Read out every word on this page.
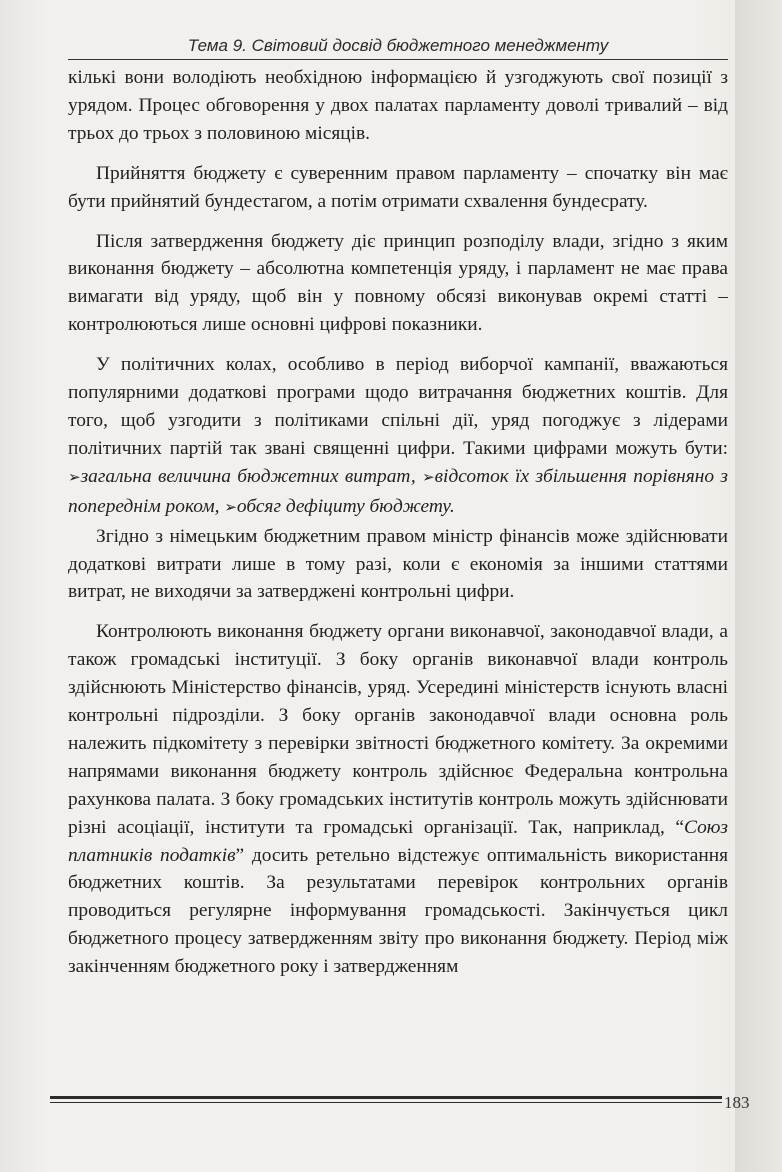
Тема 9. Світовий досвід бюджетного менеджменту

кількі вони володіють необхідною інформацією й узгоджують свої позиції з урядом. Процес обговорення у двох палатах парламенту доволі тривалий – від трьох до трьох з половиною місяців.

Прийняття бюджету є суверенним правом парламенту – спочатку він має бути прийнятий бундестагом, а потім отримати схвалення бундесрату.

Після затвердження бюджету діє принцип розподілу влади, згідно з яким виконання бюджету – абсолютна компетенція уряду, і парламент не має права вимагати від уряду, щоб він у повному обсязі виконував окремі статті – контролюються лише основні цифрові показники.

У політичних колах, особливо в період виборчої кампанії, вважаються популярними додаткові програми щодо витрачання бюджетних коштів. Для того, щоб узгодити з політиками спільні дії, уряд погоджує з лідерами політичних партій так звані священні цифри. Такими цифрами можуть бути: ➢загальна величина бюджетних витрат, ➢відсоток їх збільшення порівняно з попереднім роком, ➢обсяг дефіциту бюджету.

Згідно з німецьким бюджетним правом міністр фінансів може здійснювати додаткові витрати лише в тому разі, коли є економія за іншими статтями витрат, не виходячи за затверджені контрольні цифри.

Контролюють виконання бюджету органи виконавчої, законодавчої влади, а також громадські інституції. З боку органів виконавчої влади контроль здійснюють Міністерство фінансів, уряд. Усередині міністерств існують власні контрольні підрозділи. З боку органів законодавчої влади основна роль належить підкомітету з перевірки звітності бюджетного комітету. За окремими напрямами виконання бюджету контроль здійснює Федеральна контрольна рахункова палата. З боку громадських інститутів контроль можуть здійснювати різні асоціації, інститути та громадські організації. Так, наприклад, “Союз платників податків” досить ретельно відстежує оптимальність використання бюджетних коштів. За результатами перевірок контрольних органів проводиться регулярне інформування громадськості. Закінчується цикл бюджетного процесу затвердженням звіту про виконання бюджету. Період між закінченням бюджетного року і затвердженням

183
